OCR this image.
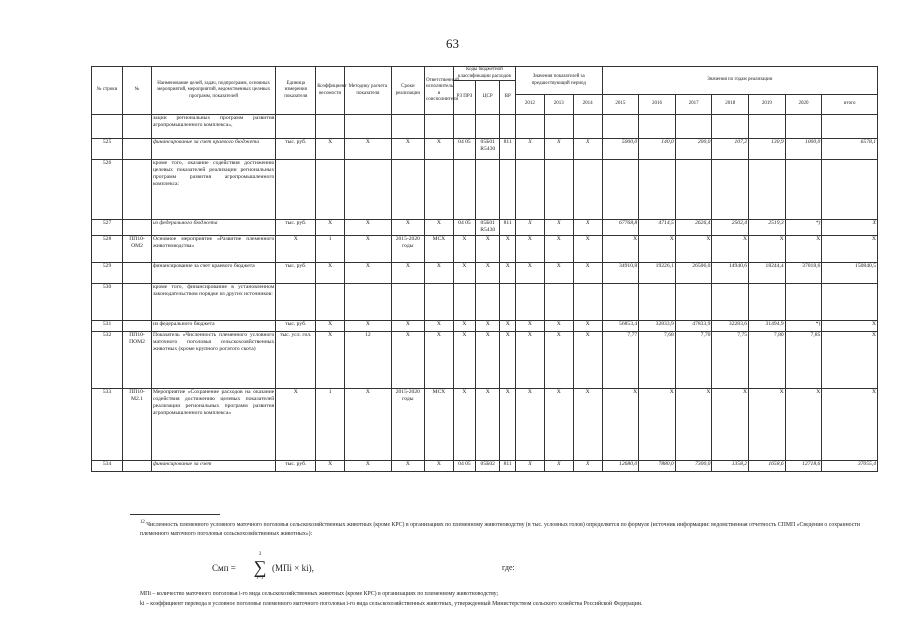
63
№ строки	№	Наименование целей, задач, подпрограмм, основных мероприятий, мероприятий, ведомственных целевых программ, показателей	Единица измерения показателя	Коэффициент весомости	Методику расчета показателя	Сроки реализации	Ответственный исполнитель и соисполнители	Коды бюджетной классификации расходов			Значения показателей за предшествующий период			Значения по годам реализации						
								РЗ ПРЗ	ЦСР	ВР										
											2012	2013	2014	2015	2016	2017	2018	2019	2020	итого
		зации региональных программ развития агропромышленного комплекса»,																		
525		финансирование за счет краевого бюджета	тыс. руб.	X	X	X	X	04 05	05Б01 R5430	811	X	X	X	5000,0	140,0	200,0	107,2	130,9	1000,0	6578,1
526		кроме того, оказание содействия достижению целевых показателей реализации региональных программ развития агропромышленного комплекса:																		
527		из федерального бюджета	тыс. руб.	X	X	X	X	04 05	05Б01 R5430	811	X	X	X	67768,8	4714,5	2626,4	2502,4	2519,3	*)	X
528	ПП10-ОМ2	Основное мероприятие «Развитие племенного животноводства»	X	1	X	2015-2020 годы	МСХ	X	X	X	X	X	X	X	X	X	X	X	X	X
529		финансирование за счет краевого бюджета	тыс. руб.	X	X	X	X	X	X	X	X	X	X	34910,8	19226,1	26506,0	14940,6	18244,4	37018,6	150840,5
530		кроме того, финансирование в установленном законодательством порядке из других источников:																		
531		из федерального бюджета	тыс. руб.	X	X	X	X	X	X	X	X	X	X	56853,4	32833,9	47833,9	32283,6	31494,9	*)	X
532	ПП10-ПОМ2	Показатель «Численность племенного условного маточного поголовья сельскохозяйственных животных (кроме крупного рогатого скота)	тыс. усл. гол.	X	12	X	X	X	X	X	X	X	X	7,77	7,68	7,70	7,75	7,80	7,85	X
533	ПП10-М2.1	Мероприятие «Сохранение расходов на оказание содействия достижению целевых показателей реализации региональных программ развития агропромышленного комплекса»	X	1	X	2015-2020 годы	МСХ	X	X	X	X	X	X	X	X	X	X	X	X	X
534		финансирование за счет	тыс. руб.	X	X	X	X	04 05	05Б02	811	X	X	X	12680,0	7880,0	7300,0	1358,2	1658,6	12718,6	37055,4
$^{12}$ Численность племенного условного маточного поголовья сельскохозяйственных животных (кроме КРС) в организациях по племенному животноводству (в тыс. условных голов) определяется по формуле (источник информации: ведомственная отчетность СПМП «Сведения о сохранности племенного маточного поголовья сельскохозяйственных животных»):
Смп =
3
∑
i=1
(МПi × ki),	где:
МПi – количество маточного поголовья i-го вида сельскохозяйственных животных (кроме КРС) в организациях по племенному животноводству;
ki – коэффициент перевода в условное поголовье племенного маточного поголовья i-го вида сельскохозяйственных животных, утвержденный Министерством сельского хозяйства Российской Федерации.
